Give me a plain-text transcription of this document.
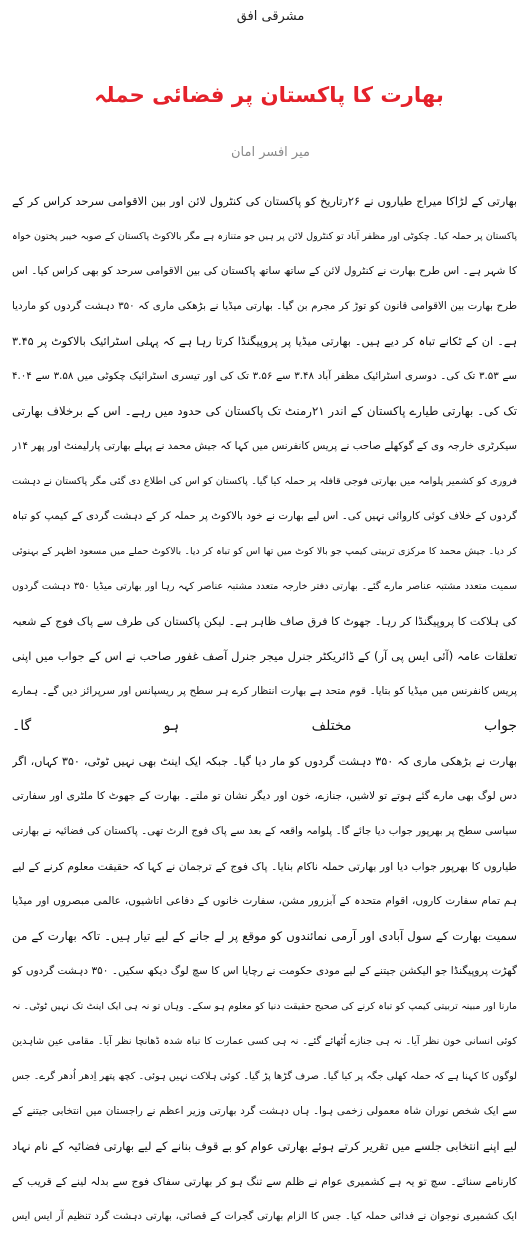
مشرقی افق
بھارت کا پاکستان پر فضائی حملہ
میر افسر امان
بھارتی کے لڑاکا میراج طیاروں نے ۲۶رتاریخ کو پاکستان کی کنٹرول لائن اور بین الاقوامی سرحد کراس کر کے
پاکستان پر حملہ کیا۔ چکوٹی اور مظفر آباد تو کنٹرول لائن پر ہیں جو متنازہ ہے مگر بالاکوٹ پاکستان کے صوبہ خیبر پختون خواہ
کا شہر ہے۔ اس طرح بھارت نے کنٹرول لائن کے ساتھ ساتھ پاکستان کی بین الاقوامی سرحد کو بھی کراس کیا۔ اس
طرح بھارت بین الاقوامی قانون کو توڑ کر مجرم بن گیا۔ بھارتی میڈیا نے بڑھکی ماری کہ ۳۵۰ دہشت گردوں کو ماردیا
ہے۔ ان کے ٹکانے تباہ کر دیے ہیں۔ بھارتی میڈیا پر پروپیگنڈا کرتا رہا ہے کہ پہلی اسٹرائیک بالاکوٹ پر ۳.۴۵
سے ۳.۵۳ تک کی۔ دوسری اسٹرائیک مظفر آباد ۳.۴۸ سے ۳.۵۶ تک کی اور تیسری اسٹرائیک چکوٹی میں ۳.۵۸ سے ۴.۰۴
تک کی۔ بھارتی طیارے پاکستان کے اندر ۲۱رمنٹ تک پاکستان کی حدود میں رہے۔ اس کے برخلاف بھارتی
سیکرٹری خارجہ وی کے گوکھلے صاحب نے پریس کانفرنس میں کہا کہ جیش محمد نے پہلے بھارتی پارلیمنٹ اور پھر ۱۴ر
فروری کو کشمیر پلوامہ میں بھارتی فوجی قافلہ پر حملہ کیا گیا۔ پاکستان کو اس کی اطلاع دی گئی مگر پاکستان نے دہشت
گردوں کے خلاف کوئی کاروائی نہیں کی۔ اس لیے بھارت نے خود بالاکوٹ پر حملہ کر کے دہشت گردی کے کیمپ کو تباہ
کر دیا۔ جیش محمد کا مرکزی تربیتی کیمپ جو بالا کوٹ میں تھا اس کو تباہ کر دیا۔ بالاکوٹ حملے میں مسعود اظہر کے بہنوئی
سمیت متعدد مشتبہ عناصر مارے گئے۔ بھارتی دفتر خارجہ متعدد مشتبہ عناصر کہہ رہا اور بھارتی میڈیا ۳۵۰ دہشت گردوں
کی ہلاکت کا پروپیگنڈا کر رہا۔ جھوٹ کا فرق صاف ظاہر ہے۔ لیکن پاکستان کی طرف سے پاک فوج کے شعبہ
تعلقات عامہ (آئی ایس پی آر) کے ڈائریکٹر جنرل میجر جنرل آصف غفور صاحب نے اس کے جواب میں اپنی
پریس کانفرنس میں میڈیا کو بتایا۔ قوم متحد ہے بھارت انتظار کرے ہر سطح پر ریسپانس اور سرپرائز دیں گے۔ ہمارے
جواب مختلف ہو گا۔
بھارت نے بڑھکی ماری کہ ۳۵۰ دہشت گردوں کو مار دیا گیا۔ جبکہ ایک اینٹ بھی نہیں ٹوٹی، ۳۵۰ کہاں، اگر
دس لوگ بھی مارے گئے ہوتے تو لاشیں، جنازے، خون اور دیگر نشان تو ملتے۔ بھارت کے جھوٹ کا ملٹری اور سفارتی
سیاسی سطح پر بھرپور جواب دیا جائے گا۔ پلوامہ واقعہ کے بعد سے پاک فوج الرٹ تھی۔ پاکستان کی فضائیہ نے بھارتی
طیاروں کا بھرپور جواب دیا اور بھارتی حملہ ناکام بنایا۔ پاک فوج کے ترجمان نے کہا کہ حقیقت معلوم کرنے کے لیے
ہم تمام سفارت کاروں، اقوام متحدہ کے آبزرور مشن، سفارت خانوں کے دفاعی اتاشیوں، عالمی مبصروں اور میڈیا
سمیت بھارت کے سول آبادی اور آرمی نمائندوں کو موقع پر لے جانے کے لیے تیار ہیں۔ تاکہ بھارت کے من
گھڑت پروپیگنڈا جو الیکشن جیتنے کے لیے مودی حکومت نے رچایا اس کا سچ لوگ دیکھ سکیں۔ ۳۵۰ دہشت گردوں کو
مارنا اور مبینہ تربیتی کیمپ کو تباہ کرنے کی صحیح حقیقت دنیا کو معلوم ہو سکے۔ وہاں تو نہ ہی ایک اینٹ تک نہیں ٹوٹی۔ نہ
کوئی انسانی خون نظر آیا۔ نہ ہی جنازے اُٹھائے گئے۔ نہ ہی کسی عمارت کا تباہ شدہ ڈھانچا نظر آیا۔ مقامی عین شاہدین
لوگوں کا کہنا ہے کہ حملہ کھلی جگہ پر کیا گیا۔ صرف گڑھا پڑ گیا۔ کوئی ہلاکت نہیں ہوئی۔ کچھ پتھر اِدھر اُدھر گرے۔ جس
سے ایک شخص نوران شاہ معمولی زخمی ہوا۔ ہاں دہشت گرد بھارتی وزیر اعظم نے راجستان میں انتخابی جیتنے کے
لیے اپنے انتخابی جلسے میں تقریر کرتے ہوئے بھارتی عوام کو بے قوف بنانے کے لیے بھارتی فضائیہ کے نام نہاد
کارنامے سنائے۔ سچ تو یہ ہے کشمیری عوام نے ظلم سے تنگ ہو کر بھارتی سفاک فوج سے بدلہ لینے کے قریب کے
ایک کشمیری نوجوان نے فدائی حملہ کیا۔ جس کا الزام بھارتی گجرات کے قصائی، بھارتی دہشت گرد تنظیم آر ایس ایس
